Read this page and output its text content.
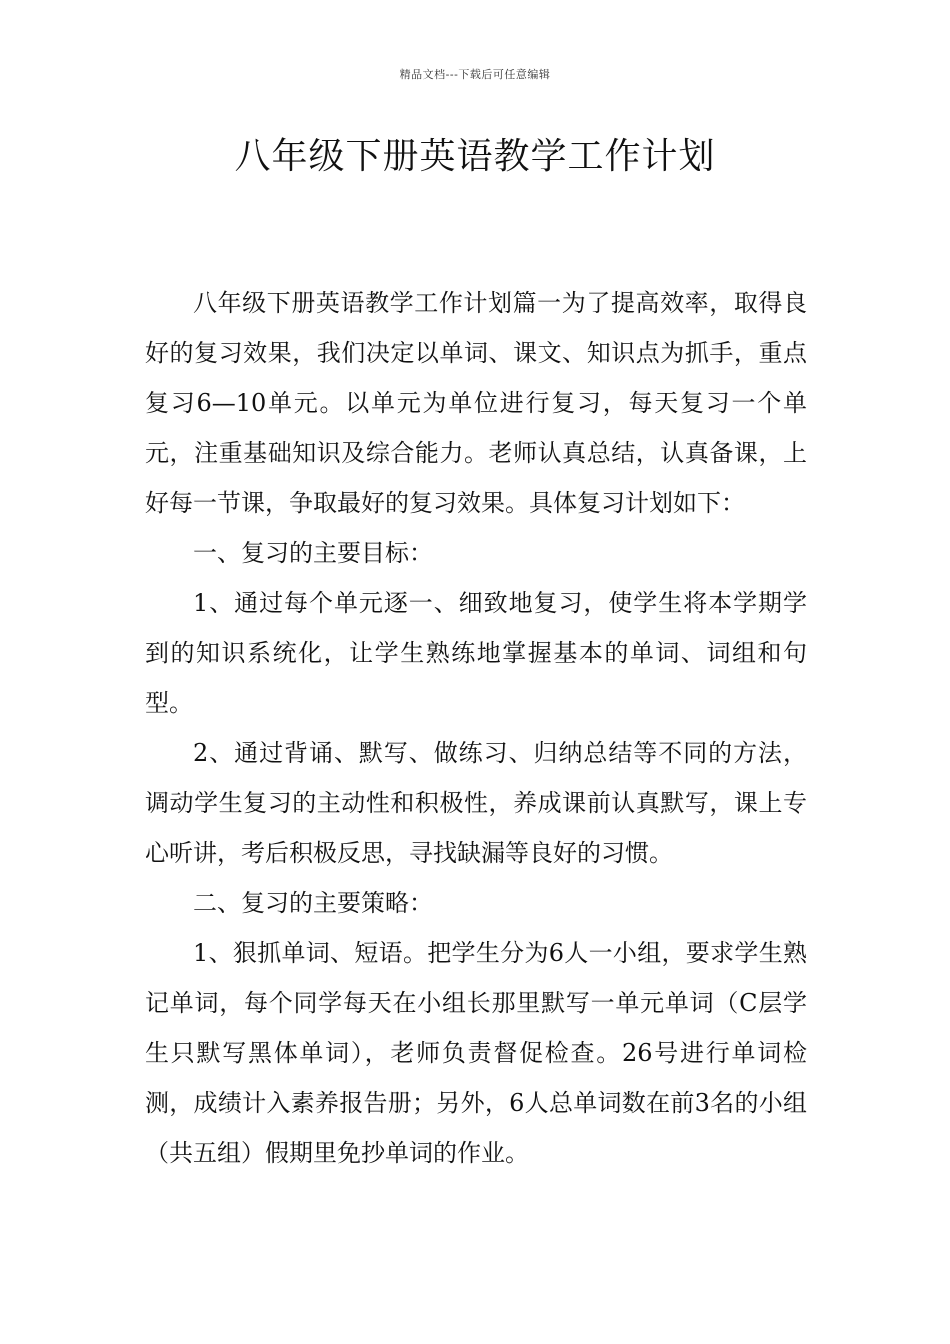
精品文档---下载后可任意编辑
八年级下册英语教学工作计划

八年级下册英语教学工作计划篇一为了提高效率，取得良好的复习效果，我们决定以单词、课文、知识点为抓手，重点复习6—10单元。以单元为单位进行复习，每天复习一个单元，注重基础知识及综合能力。老师认真总结，认真备课，上好每一节课，争取最好的复习效果。具体复习计划如下：

一、复习的主要目标：

1、通过每个单元逐一、细致地复习，使学生将本学期学到的知识系统化，让学生熟练地掌握基本的单词、词组和句型。

2、通过背诵、默写、做练习、归纳总结等不同的方法，调动学生复习的主动性和积极性，养成课前认真默写，课上专心听讲，考后积极反思，寻找缺漏等良好的习惯。

二、复习的主要策略：

1、狠抓单词、短语。把学生分为6人一小组，要求学生熟记单词，每个同学每天在小组长那里默写一单元单词（C层学生只默写黑体单词），老师负责督促检查。26号进行单词检测，成绩计入素养报告册；另外，6人总单词数在前3名的小组（共五组）假期里免抄单词的作业。
